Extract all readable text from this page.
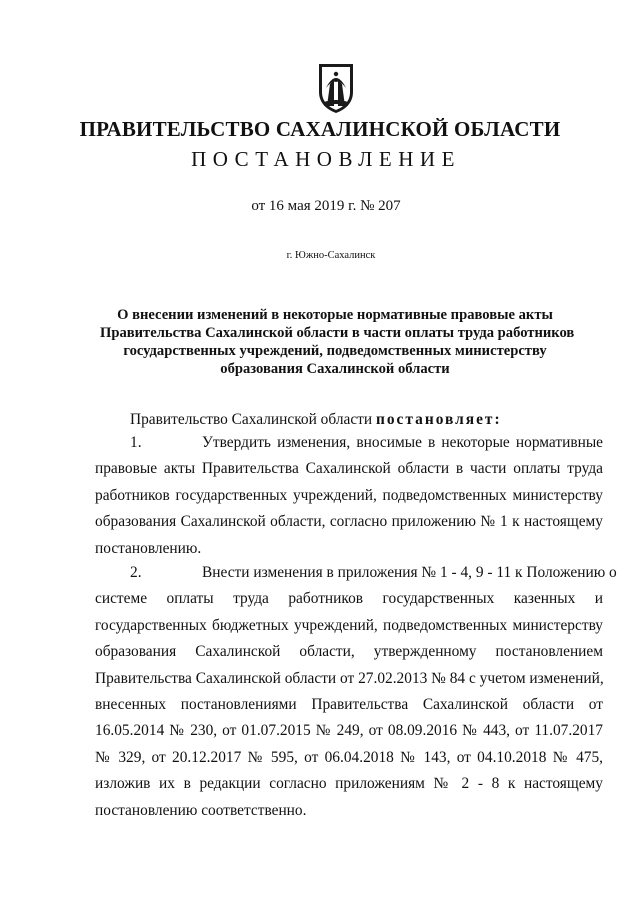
ПРАВИТЕЛЬСТВО САХАЛИНСКОЙ ОБЛАСТИ
ПОСТАНОВЛЕНИЕ
от 16 мая 2019 г. № 207
г. Южно-Сахалинск
О внесении изменений в некоторые нормативные правовые акты
Правительства Сахалинской области в части оплаты труда работников
государственных учреждений, подведомственных министерству
образования Сахалинской области
Правительство Сахалинской области постановляет:
1.	Утвердить изменения, вносимые в некоторые нормативные
правовые акты Правительства Сахалинской области в части оплаты труда
работников государственных учреждений, подведомственных министерству
образования Сахалинской области, согласно приложению № 1 к настоящему
постановлению.
2.	Внести изменения в приложения № 1 - 4, 9 - 11 к Положению о
системе оплаты труда работников государственных казенных и
государственных бюджетных учреждений, подведомственных министерству
образования Сахалинской области, утвержденному постановлением
Правительства Сахалинской области от 27.02.2013 № 84 с учетом изменений,
внесенных постановлениями Правительства Сахалинской области от
16.05.2014 № 230, от 01.07.2015 № 249, от 08.09.2016 № 443, от 11.07.2017
№ 329, от 20.12.2017 № 595, от 06.04.2018 № 143, от 04.10.2018 № 475,
изложив их в редакции согласно приложениям № 2 - 8 к настоящему
постановлению соответственно.
